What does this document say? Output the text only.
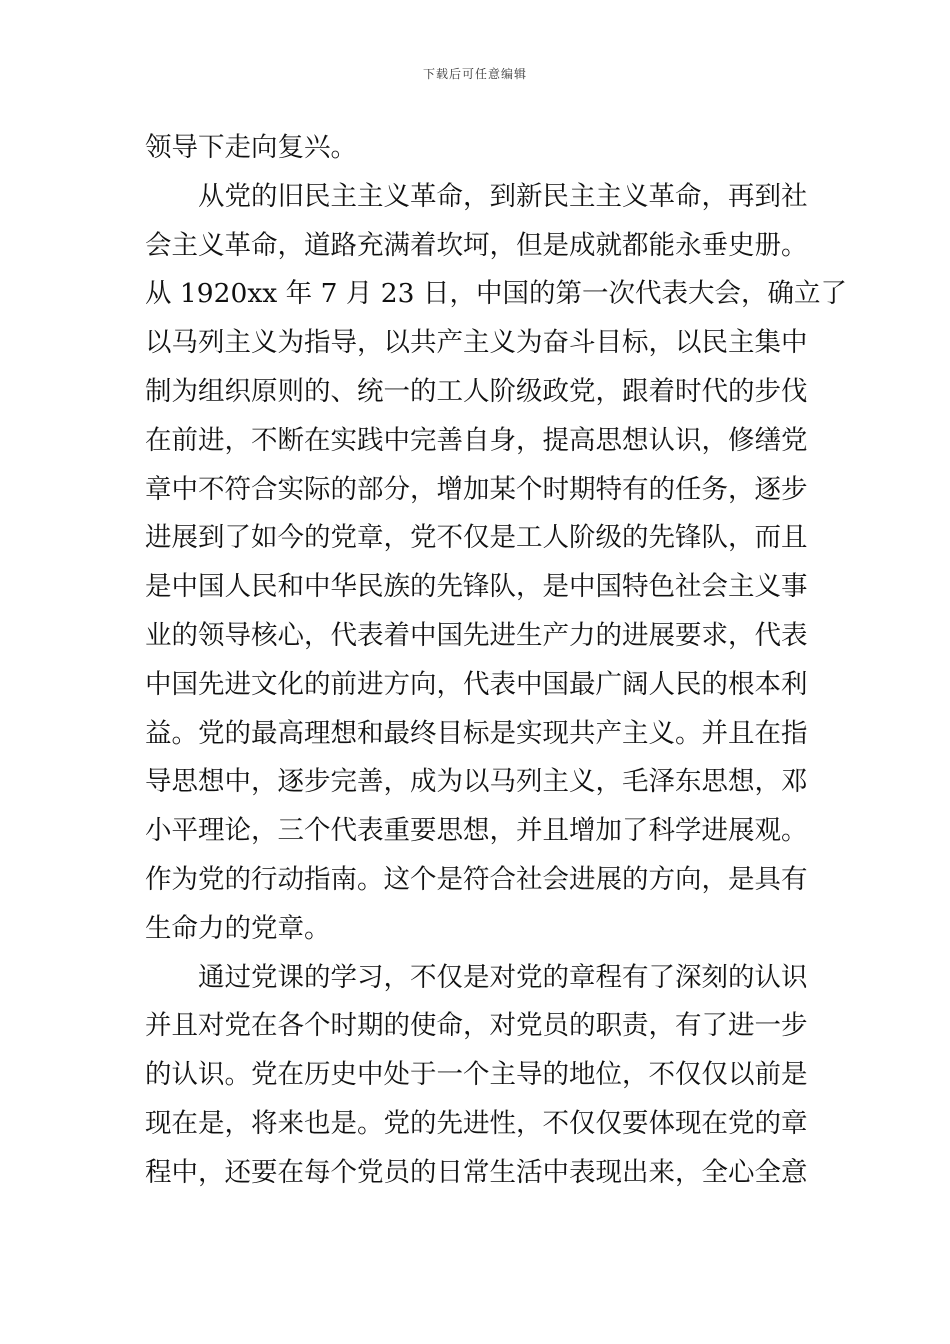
下载后可任意编辑
领导下走向复兴。
　　从党的旧民主主义革命，到新民主主义革命，再到社
会主义革命，道路充满着坎坷，但是成就都能永垂史册。
从 1920xx 年 7 月 23 日，中国的第一次代表大会，确立了
以马列主义为指导，以共产主义为奋斗目标，以民主集中
制为组织原则的、统一的工人阶级政党，跟着时代的步伐
在前进，不断在实践中完善自身，提高思想认识，修缮党
章中不符合实际的部分，增加某个时期特有的任务，逐步
进展到了如今的党章，党不仅是工人阶级的先锋队，而且
是中国人民和中华民族的先锋队，是中国特色社会主义事
业的领导核心，代表着中国先进生产力的进展要求，代表
中国先进文化的前进方向，代表中国最广阔人民的根本利
益。党的最高理想和最终目标是实现共产主义。并且在指
导思想中，逐步完善，成为以马列主义，毛泽东思想，邓
小平理论，三个代表重要思想，并且增加了科学进展观。
作为党的行动指南。这个是符合社会进展的方向，是具有
生命力的党章。
　　通过党课的学习，不仅是对党的章程有了深刻的认识
并且对党在各个时期的使命，对党员的职责，有了进一步
的认识。党在历史中处于一个主导的地位，不仅仅以前是
现在是，将来也是。党的先进性，不仅仅要体现在党的章
程中，还要在每个党员的日常生活中表现出来，全心全意
